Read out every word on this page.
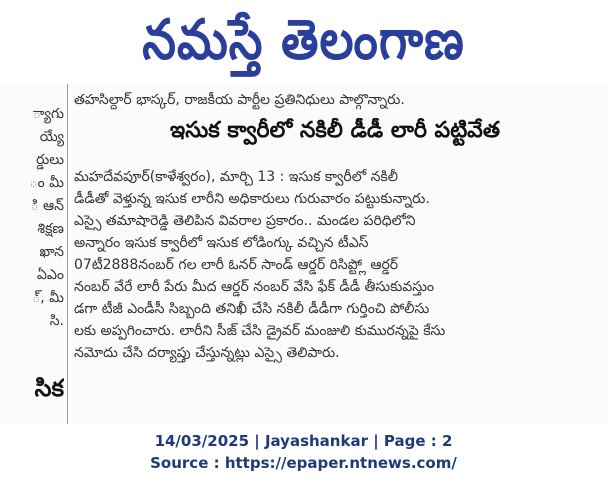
నమస్తే తెలంగాణ
్యాగు
య్యే
ర్డులు
ం మీ
ి ఆన్
శిక్షణ
ఖాన
ఏఎం
్, మీ
సి.
సిక
తహసిల్దార్ భాస్కర్, రాజకీయ పార్టీల ప్రతినిధులు పాల్గొన్నారు.
ఇసుక క్వారీలో నకిలీ డీడీ లారీ పట్టివేత

మహదేవపూర్(కాళేశ్వరం), మార్చి 13 : ఇసుక క్వారీలో నకిలీ

డీడీతో వెళ్తున్న ఇసుక లారీని అధికారులు గురువారం పట్టుకున్నారు.

ఎస్సై తమాషారెడ్డి తెలిపిన వివరాల ప్రకారం.. మండల పరిధిలోని

అన్నారం ఇసుక క్వారీలో ఇసుక లోడింగ్కు వచ్చిన టీఎస్

07టీ2888నంబర్ గల లారీ ఓనర్ సాండ్ ఆర్డర్ రిసిప్ట్లో ఆర్డర్

నంబర్ వేరే లారీ పేరు మీద ఆర్డర్ నంబర్ వేసి ఫేక్ డీడీ తీసుకువస్తుం

డగా టీజీ ఎండీసీ సిబ్బంది తనిఖీ చేసి నకిలీ డీడీగా గుర్తించి పోలీసు

లకు అప్పగించారు. లారీని సీజ్ చేసి డ్రైవర్ మంజులి కుమురన్నపై కేసు

నమోదు చేసి దర్యాప్తు చేస్తున్నట్లు ఎస్సై తెలిపారు.

14/03/2025 | Jayashankar | Page : 2
Source : https://epaper.ntnews.com/
